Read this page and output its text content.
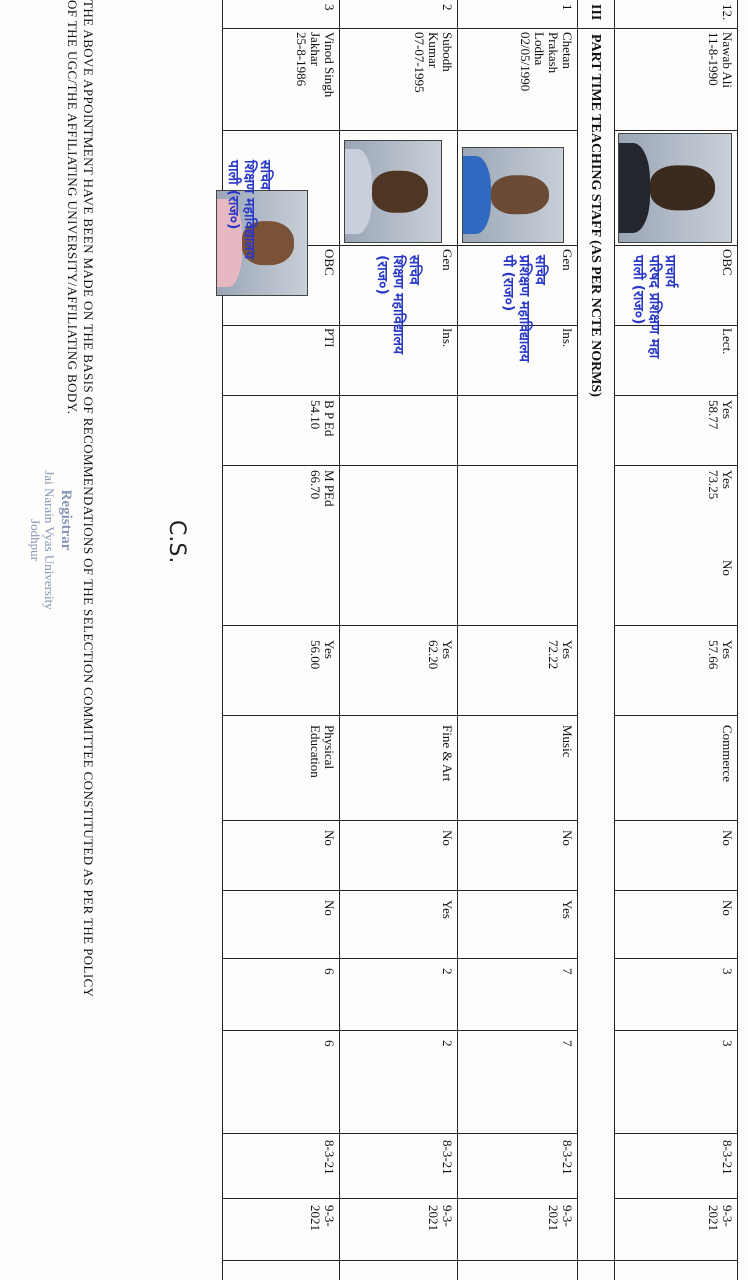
12.
Nawab Ali
11-8-1990
OBC
Lect.
Yes
58.77
Yes
73.25
No
Yes
57.66
Commerce
No
No
3
3
8-3-21
9-3-
2021
प्राचार्य
परिषद प्रशिक्षण महा
पाली (राज०)
III
PART TIME TEACHING STAFF (AS PER NCTE NORMS)
1
Chetan
Prakash
Lodha
02/05/1990
Gen
Ins.
Yes
72.22
Music
No
Yes
7
7
8-3-21
9-3-
2021
सचिव
प्रशिक्षण महाविद्यालय
पी (राज०)
2
Subodh
Kumar
07-07-1995
Gen
Ins.
Yes
62.20
Fine & Art
No
Yes
2
2
8-3-21
9-3-
2021
सचिव
शिक्षण महाविद्यालय
(राज०)
3
Vinod Singh
Jakhar
25-8-1986
OBC
PTI
B P Ed
54.10
M PEd
66.70
Yes
56.00
Physical
Education
No
No
6
6
8-3-21
9-3-
2021
सचिव
शिक्षण महाविद्यालय
पाली (राज०)
C.S.
THE ABOVE APPOINTMENT HAVE BEEN MADE ON THE BASIS OF RECOMMENDATIONS OF THE SELECTION COMMITTEE CONSTITUTED AS PER THE POLICY
OF THE UGC/THE AFFILIATING UNIVERSITY/AFFILIATING BODY.
Registrar
Jai Narain Vyas University
Jodhpur
